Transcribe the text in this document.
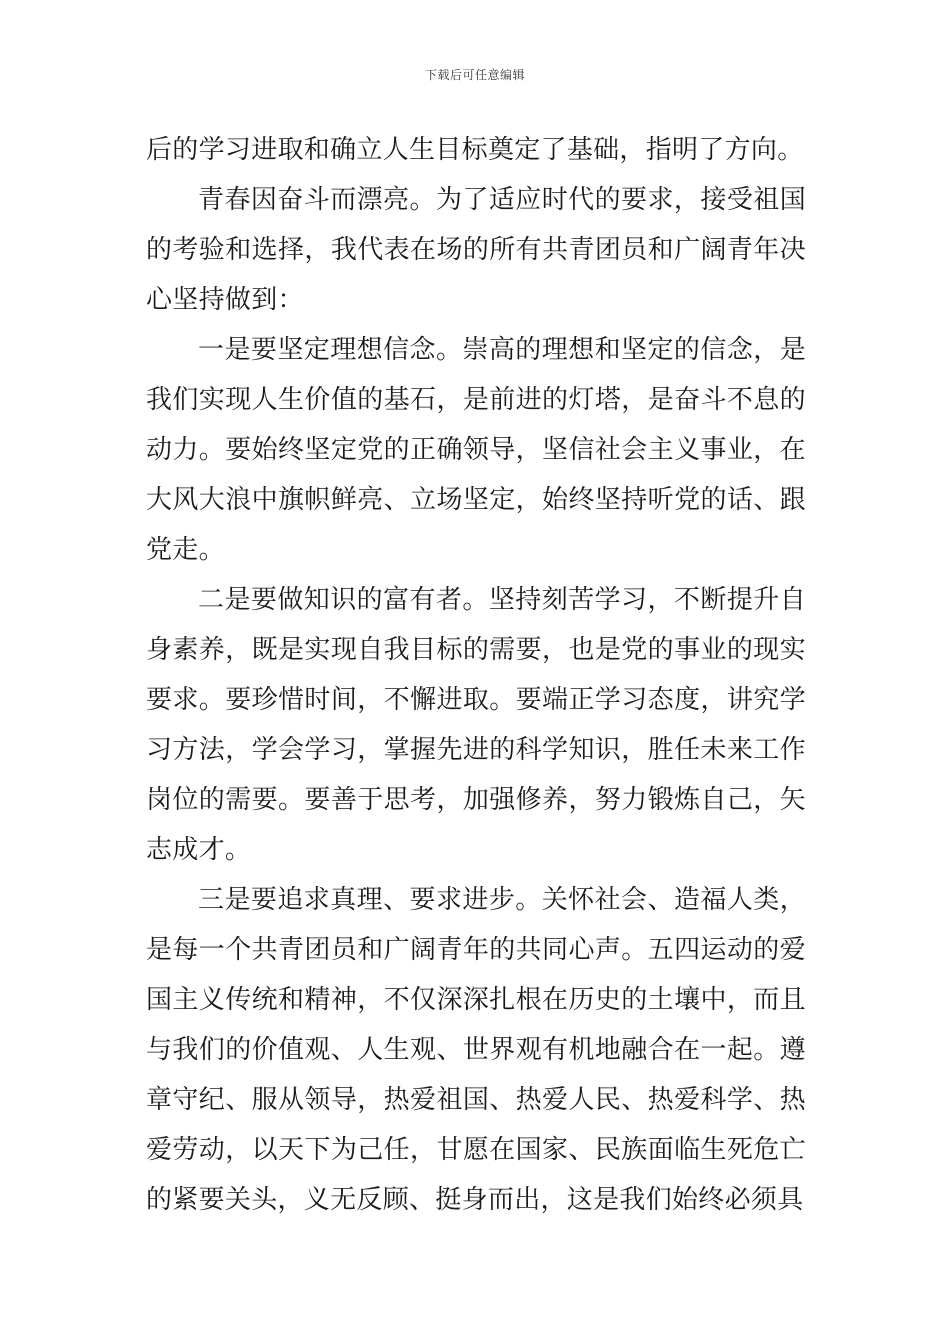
下载后可任意编辑

后的学习进取和确立人生目标奠定了基础，指明了方向。

青春因奋斗而漂亮。为了适应时代的要求，接受祖国的考验和选择，我代表在场的所有共青团员和广阔青年决心坚持做到：

一是要坚定理想信念。崇高的理想和坚定的信念，是我们实现人生价值的基石，是前进的灯塔，是奋斗不息的动力。要始终坚定党的正确领导，坚信社会主义事业，在大风大浪中旗帜鲜亮、立场坚定，始终坚持听党的话、跟党走。

二是要做知识的富有者。坚持刻苦学习，不断提升自身素养，既是实现自我目标的需要，也是党的事业的现实要求。要珍惜时间，不懈进取。要端正学习态度，讲究学习方法，学会学习，掌握先进的科学知识，胜任未来工作岗位的需要。要善于思考，加强修养，努力锻炼自己，矢志成才。

三是要追求真理、要求进步。关怀社会、造福人类，是每一个共青团员和广阔青年的共同心声。五四运动的爱国主义传统和精神，不仅深深扎根在历史的土壤中，而且与我们的价值观、人生观、世界观有机地融合在一起。遵章守纪、服从领导，热爱祖国、热爱人民、热爱科学、热爱劳动，以天下为己任，甘愿在国家、民族面临生死危亡的紧要关头，义无反顾、挺身而出，这是我们始终必须具
